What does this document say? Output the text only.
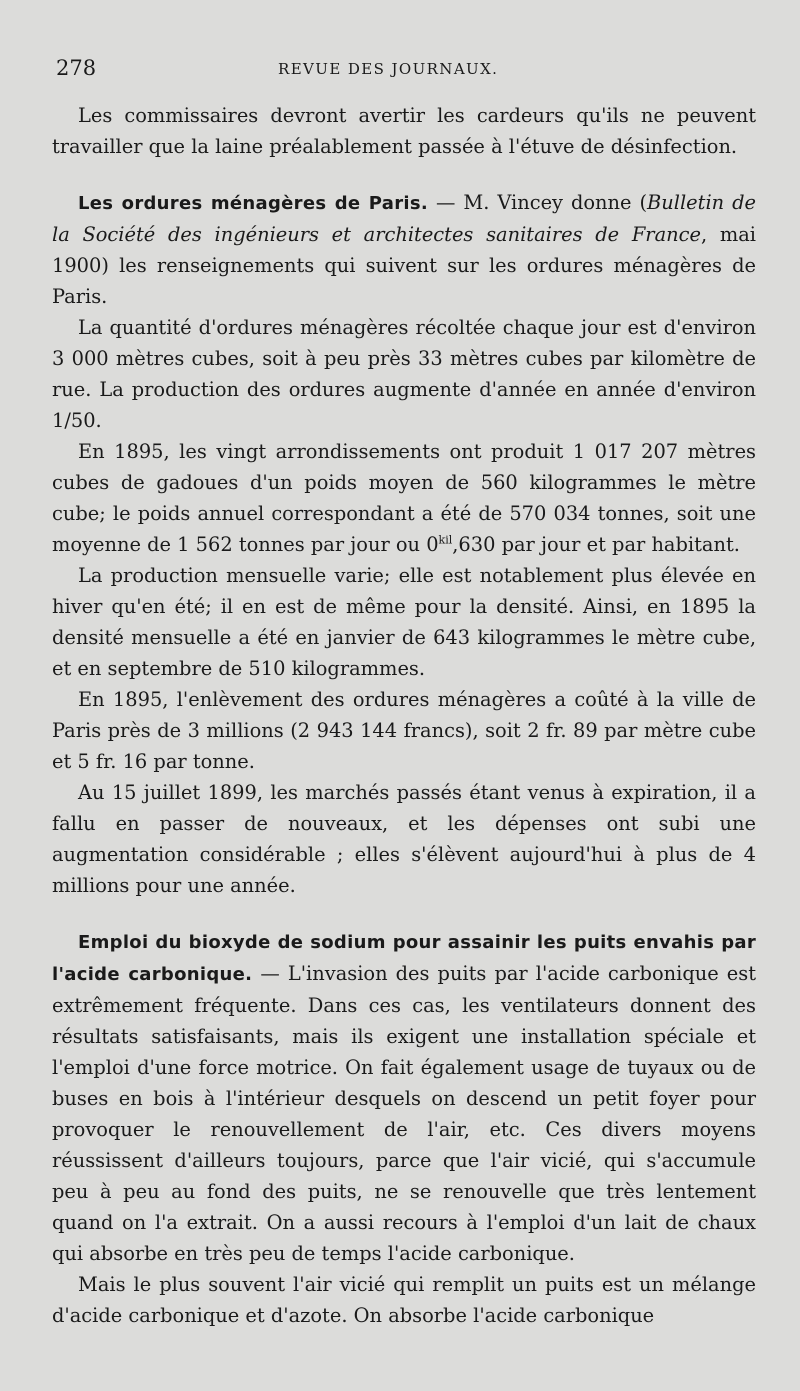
278	REVUE DES JOURNAUX.

Les commissaires devront avertir les cardeurs qu'ils ne peuvent travailler que la laine préalablement passée à l'étuve de désinfection.

Les ordures ménagères de Paris. — M. Vincey donne (Bulletin de la Société des ingénieurs et architectes sanitaires de France, mai 1900) les renseignements qui suivent sur les ordures ménagères de Paris.

La quantité d'ordures ménagères récoltée chaque jour est d'environ 3 000 mètres cubes, soit à peu près 33 mètres cubes par kilomètre de rue. La production des ordures augmente d'année en année d'environ 1/50.

En 1895, les vingt arrondissements ont produit 1 017 207 mètres cubes de gadoues d'un poids moyen de 560 kilogrammes le mètre cube; le poids annuel correspondant a été de 570 034 tonnes, soit une moyenne de 1 562 tonnes par jour ou $0^{kil},630$ par jour et par habitant.

La production mensuelle varie; elle est notablement plus élevée en hiver qu'en été; il en est de même pour la densité. Ainsi, en 1895 la densité mensuelle a été en janvier de 643 kilogrammes le mètre cube, et en septembre de 510 kilogrammes.

En 1895, l'enlèvement des ordures ménagères a coûté à la ville de Paris près de 3 millions (2 943 144 francs), soit 2 fr. 89 par mètre cube et 5 fr. 16 par tonne.

Au 15 juillet 1899, les marchés passés étant venus à expiration, il a fallu en passer de nouveaux, et les dépenses ont subi une augmentation considérable ; elles s'élèvent aujourd'hui à plus de 4 millions pour une année.

Emploi du bioxyde de sodium pour assainir les puits envahis par l'acide carbonique. — L'invasion des puits par l'acide carbonique est extrêmement fréquente. Dans ces cas, les ventilateurs donnent des résultats satisfaisants, mais ils exigent une installation spéciale et l'emploi d'une force motrice. On fait également usage de tuyaux ou de buses en bois à l'intérieur desquels on descend un petit foyer pour provoquer le renouvellement de l'air, etc. Ces divers moyens réussissent d'ailleurs toujours, parce que l'air vicié, qui s'accumule peu à peu au fond des puits, ne se renouvelle que très lentement quand on l'a extrait. On a aussi recours à l'emploi d'un lait de chaux qui absorbe en très peu de temps l'acide carbonique.

Mais le plus souvent l'air vicié qui remplit un puits est un mélange d'acide carbonique et d'azote. On absorbe l'acide carbonique
